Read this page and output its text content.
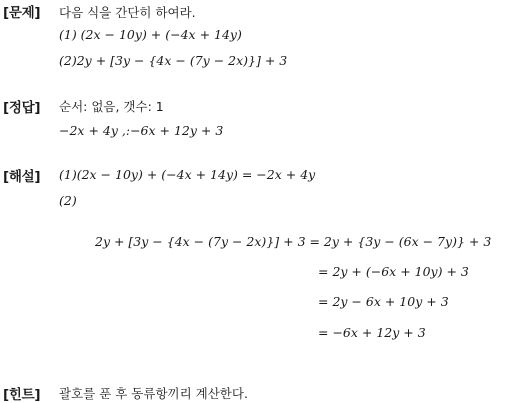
[문제] 다음 식을 간단히 하여라.
(1) (2x − 10y) + (−4x + 14y)
(2)2y + [3y − {4x − (7y − 2x)}] + 3
[정답] 순서: 없음, 갯수: 1
−2x + 4y ,:−6x + 12y + 3
[해설] (1)(2x − 10y) + (−4x + 14y) = −2x + 4y
(2)
2y + [3y − {4x − (7y − 2x)}] + 3 = 2y + {3y − (6x − 7y)} + 3
= 2y + (−6x + 10y) + 3
= 2y − 6x + 10y + 3
= −6x + 12y + 3
[힌트] 괄호를 푼 후 동류항끼리 계산한다.
